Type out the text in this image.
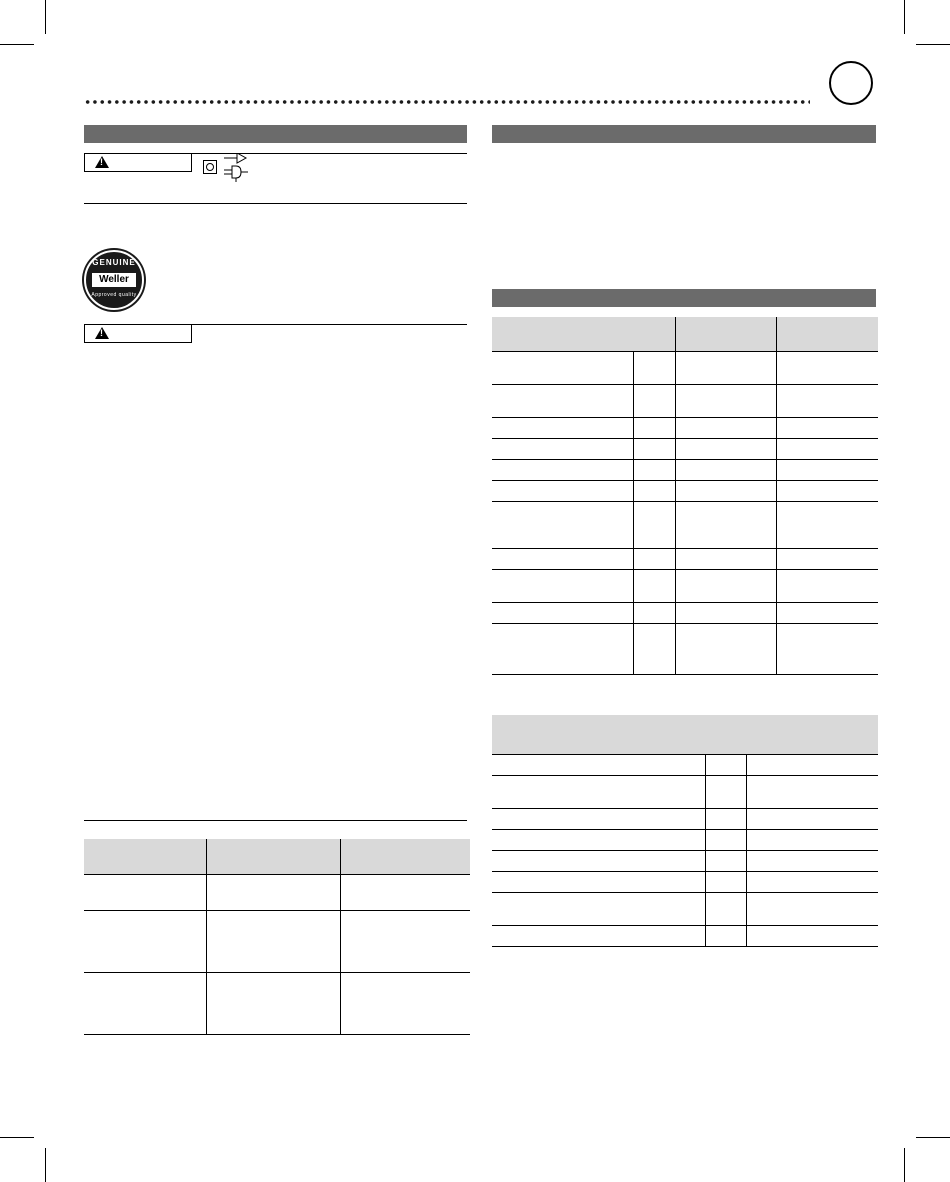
!
GENUINE
Weller
Approved quality
!
